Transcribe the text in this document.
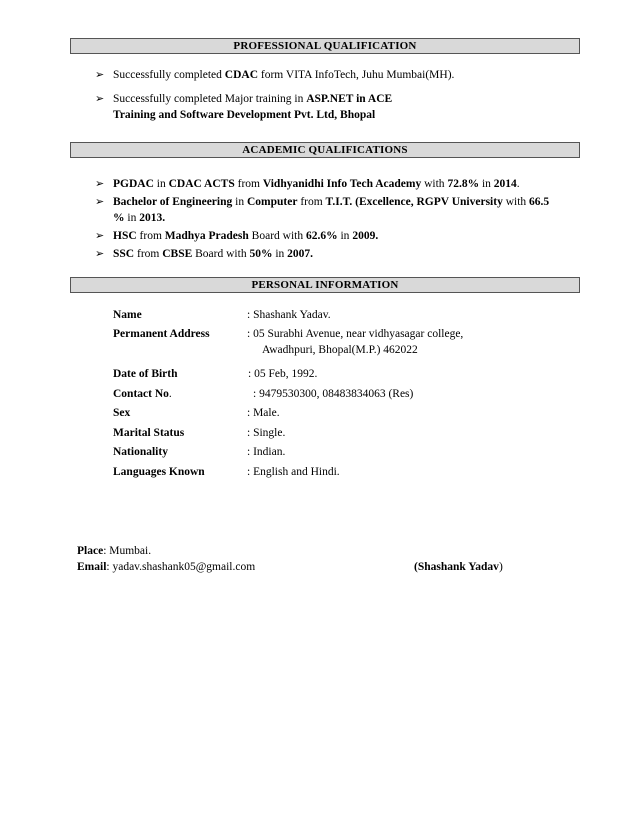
PROFESSIONAL QUALIFICATION
➢ Successfully completed CDAC form VITA InfoTech, Juhu Mumbai(MH).
➢ Successfully completed Major training in ASP.NET in ACE
Training and Software Development Pvt. Ltd, Bhopal
ACADEMIC QUALIFICATIONS
➢ PGDAC in CDAC ACTS from Vidhyanidhi Info Tech Academy with 72.8% in 2014.
➢ Bachelor of Engineering in Computer from T.I.T. (Excellence, RGPV University with 66.5
% in 2013.
➢ HSC from Madhya Pradesh Board with 62.6% in 2009.
➢ SSC from CBSE Board with 50% in 2007.
PERSONAL INFORMATION
Name	: Shashank Yadav.
Permanent Address	: 05 Surabhi Avenue, near vidhyasagar college,
Awadhpuri, Bhopal(M.P.) 462022
Date of Birth	: 05 Feb, 1992.
Contact No.	: 9479530300, 08483834063 (Res)
Sex	: Male.
Marital Status	: Single.
Nationality	: Indian.
Languages Known	: English and Hindi.
Place: Mumbai.
Email: yadav.shashank05@gmail.com	(Shashank Yadav)
